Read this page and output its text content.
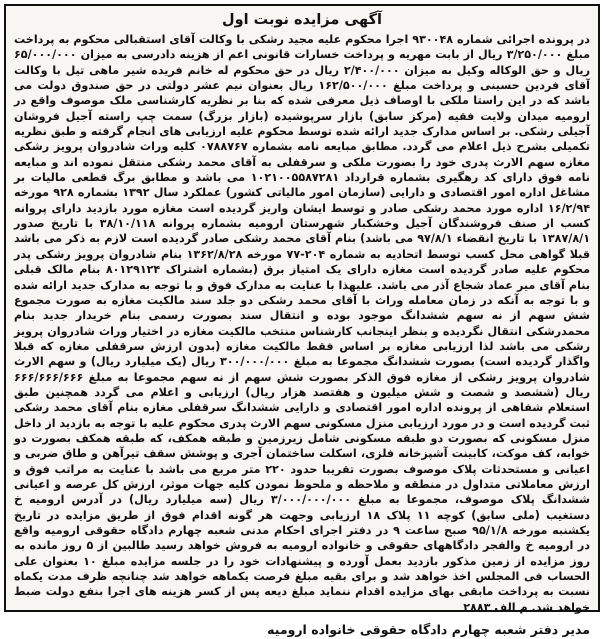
آگهی مزایده نوبت اول

در پرونده اجرائی شماره ۹۳۰۰۴۸ اجرا محکوم علیه مجید رشکی با وکالت آقای استقبالی محکوم به پرداخت مبلغ ۳/۲۵۰/۰۰۰ ریال از بابت مهریه و پرداخت خسارات قانونی اعم از هزینه دادرسی به میزان ۶۵/۰۰۰/۰۰۰ ریال و حق الوکاله وکیل به میزان ۲/۴۰۰/۰۰۰ ریال در حق محکوم له خانم فریده شیر ماهی تیل با وکالت آقای فردین حسینی و پرداخت مبلغ ۱۶۲/۵۰۰/۰۰۰ ریال بعنوان نیم عشر دولتی در حق صندوق دولت می باشد که در این راستا ملکی با اوصاف ذیل معرفی شده که بنا بر نظریه کارشناسی ملک موصوف واقع در ارومیه میدان ولایت فقیه (مرکز سابق) بازار سرپوشیده (بازار بزرگ) سمت چپ راسته آجیل فروشان آجیلی رشکی. بر اساس مدارک جدید ارائه شده توسط محکوم علیه ارزیابی های انجام گرفته و طبق نظریه تکمیلی بشرح ذیل اعلام می گردد. مطابق مبایعه نامه بشماره ۰۷۸۸۷۶۷ کلیه وراث شادروان پرویز رشکی مغازه سهم الارث پدری خود را بصورت ملکی و سرقفلی به آقای محمد رشکی منتقل نموده اند و مبایعه نامه فوق دارای کد رهگیری بشماره قرارداد ۱۰۲۱۰۰۵۵۸۷۲۸۱ می باشد و مطابق برگ قطعی مالیات بر مشاغل اداره امور اقتصادی و دارایی (سازمان امور مالیاتی کشور) عملکرد سال ۱۳۹۲ بشماره ۹۲۸ مورخه ۱۶/۲/۹۴ اداره مورد محمد رشکی صادر و توسط ایشان واریز گردیده است مغازه مورد بازدید دارای پروانه کسب از صنف فروشندگان آجیل وخشکبار شهرستان ارومیه بشماره پروانه ۳۸/۱۰/۱۱۸ با تاریخ صدور ۱۳۸۷/۸/۱ با تاریخ انقضاء ۹۷/۸/۱ می باشد) بنام آقای محمد رشکی صادر گردیده است لازم به ذکر می باشد قبلا گواهی محل کسب توسط اتحادیه به شماره ۲۰۴-۷۷ مورخه ۱۳۶۲/۸/۲۸ بنام شادروان پرویز رشکی پدر محکوم علیه صادر گردیده است مغازه دارای یک امتیاز برق (بشماره اشتراک ۸۰۱۲۹۱۲۴ بنام مالک قبلی بنام آقای میر عماد شجاع آذر می باشد. علیهذا با عنایت به مدارک فوق و با توجه به مدارک جدید ارائه شده و با توجه به آنکه در زمان معامله وراث با آقای محمد رشکی دو جلد سند مالکیت مغازه به صورت مجموع شش سهم از نه سهم ششدانگ موجود بوده و انتقال سند بصورت رسمی بنام خریدار جدید بنام محمدرشکی انتقال نگردیده و بنظر اینجانب کارشناس منتخب مالکیت مغازه در اختیار وراث شادروان پرویز رشکی می باشد لذا ارزیابی مغازه بر اساس فقط مالکیت مغازه (بدون ارزش سرقفلی مغازه که قبلا واگذار گردیده است) بصورت ششدانگ مجموعا به مبلغ ۳۰۰/۰۰۰/۰۰۰ ریال (یک میلیارد ریال) و سهم الارث شادروان پرویز رشکی از مغازه فوق الذکر بصورت شش سهم از نه سهم مجموعا به مبلغ ۶۶۶/۶۶۶/۶۶۶ ریال (ششصد و شصت و شش میلیون و هفتصد هزار ریال) ارزیابی و اعلام می گردد همچنین طبق استعلام شفاهی از پرونده اداره امور اقتصادی و دارایی ششدانگ سرقفلی مغازه بنام آقای محمد رشکی ثبت گردیده است و در مورد ارزیابی منزل مسکونی سهم الارث پدری محکوم علیه با توجه به بازدید از داخل منزل مسکونی که بصورت دو طبقه مسکونی شامل زیرزمین و طبقه همکف، که طبقه همکف بصورت دو خوابه، کف موکت، کابینت آشپزخانه فلزی، اسکلت ساختمان آجری و پوشش سقف تیرآهن و طاق ضربی و اعیانی و مستحدثات پلاک موصوف بصورت تقریبا حدود ۲۲۰ متر مربع می باشد با عنایت به مراتب فوق و ارزش معاملاتی متداول در منطقه و ملاحظه و ملحوظ نمودن کلیه جهات موثر، ارزش کل عرصه و اعیانی ششدانگ پلاک موصوف، مجموعا به مبلغ ۳/۰۰۰/۰۰۰/۰۰۰ ریال (سه میلیارد ریال) در آدرس ارومیه خ دستغیب (ملی سابق) کوچه ۱۱ پلاک ۱۸ ارزیابی وجهت هر گونه اقدام فوق از طریق مزایده در تاریخ یکشنبه مورخه ۹۵/۱/۸ صبح ساعت ۹ در دفتر اجرای احکام مدنی شعبه چهارم دادگاه حقوقی ارومیه واقع در ارومیه خ والفجر دادگاههای حقوقی و خانواده ارومیه به فروش خواهد رسید طالبین از ۵ روز مانده به روز مزایده از زمین مذکور بازدید بعمل آورده و پیشنهادات خود را در جلسه مزایده مبلغ ۱۰ بعنوان علی الحساب فی المجلس اخذ خواهد شد و برای بقیه مبلغ فرصت یکماهه خواهد شد چنانچه ظرف مدت یکماه نسبت به پرداخت مابقی بهای مزایده اقدام ننماید مبلغ دیعه پس از کسر هزینه های اجرا بنفع دولت ضبط خواهد شد. م الف ۲۸۸۳

مدیر دفتر شعبه چهارم دادگاه حقوقی خانواده ارومیه
